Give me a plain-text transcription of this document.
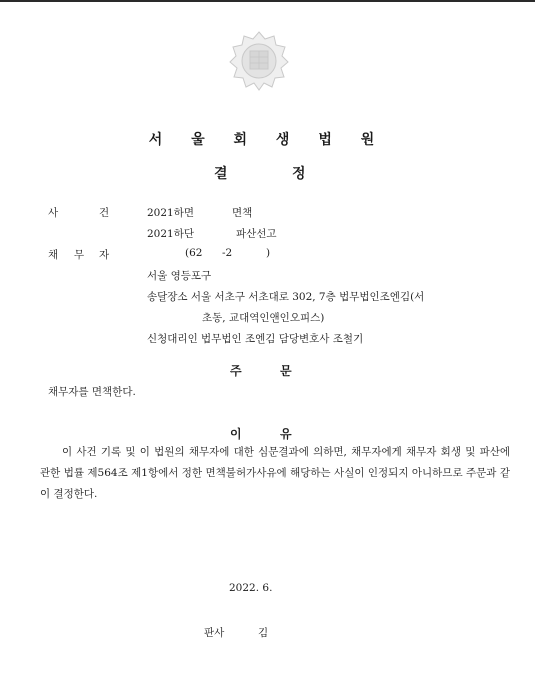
서 울 회 생 법 원
결	정
사	건	2021하면	면책
2021하단	파산선고
채 무 자	(62 -2	)
서울 영등포구
송달장소 서울 서초구 서초대로 302, 7층 법무법인조엔김(서
초동, 교대역인앤인오피스)
신청대리인 법무법인 조엔김 담당변호사 조철기
주	문
채무자를 면책한다.
이	유
이 사건 기록 및 이 법원의 채무자에 대한 심문결과에 의하면, 채무자에게 채무자 회생 및 파산에 관한 법률 제564조 제1항에서 정한 면책불허가사유에 해당하는 사실이 인정되지 아니하므로 주문과 같이 결정한다.
2022. 6.
판사	김
